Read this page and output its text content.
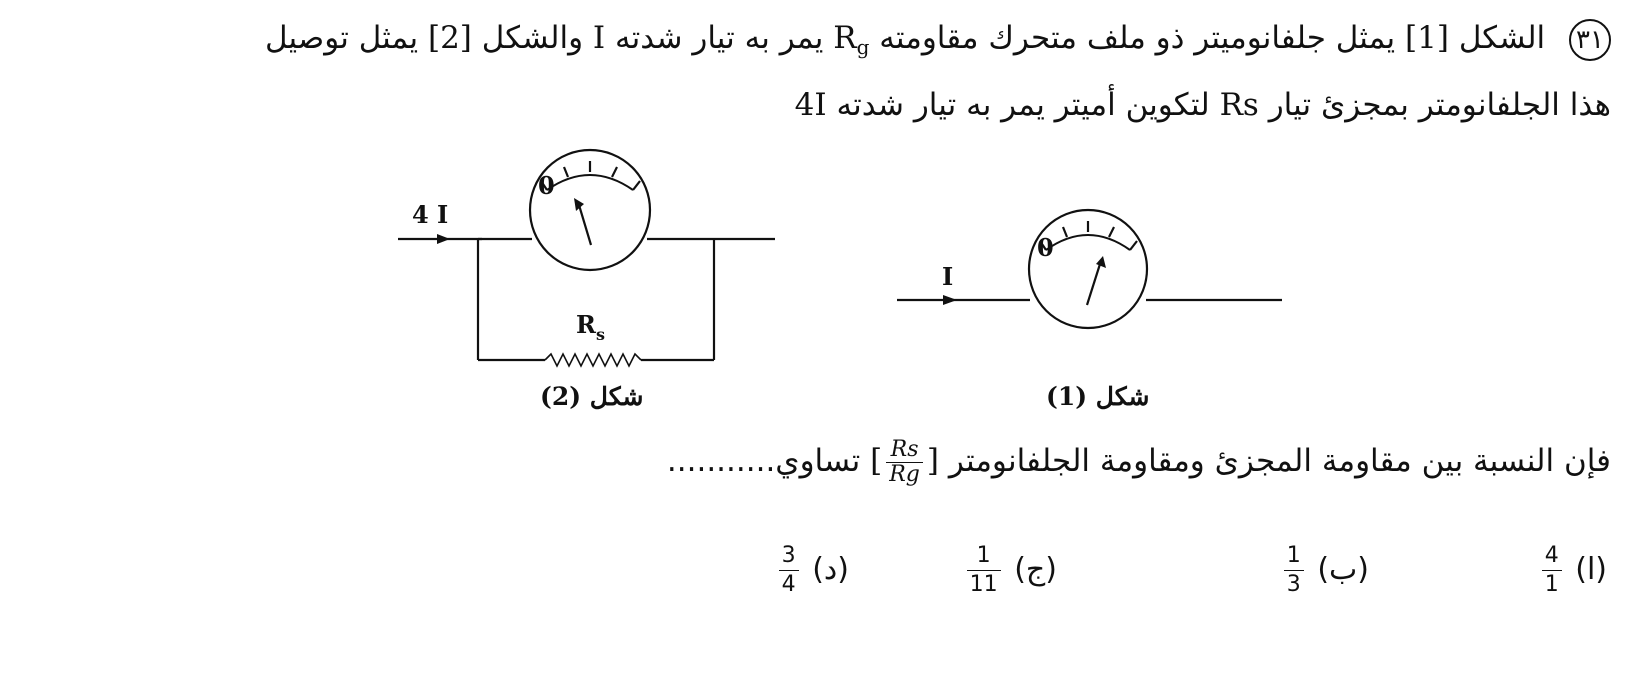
٣١ الشكل [1] يمثل جلفانوميتر ذو ملف متحرك مقاومته $R_g$ يمر به تيار شدته I والشكل [2] يمثل توصيل
هذا الجلفانومتر بمجزئ تيار Rs لتكوين أميتر يمر به تيار شدته 4I
0
0
4 I
I
$R_s$
شكل (2)	شكل (1)
فإن النسبة بين مقاومة المجزئ ومقاومة الجلفانومتر [
$\frac{Rs}{Rg}$
] تساوي...........
(ا)
$\frac{4}{1}$
(ب)
$\frac{1}{3}$
(ج)
$\frac{1}{11}$
(د)
$\frac{3}{4}$
